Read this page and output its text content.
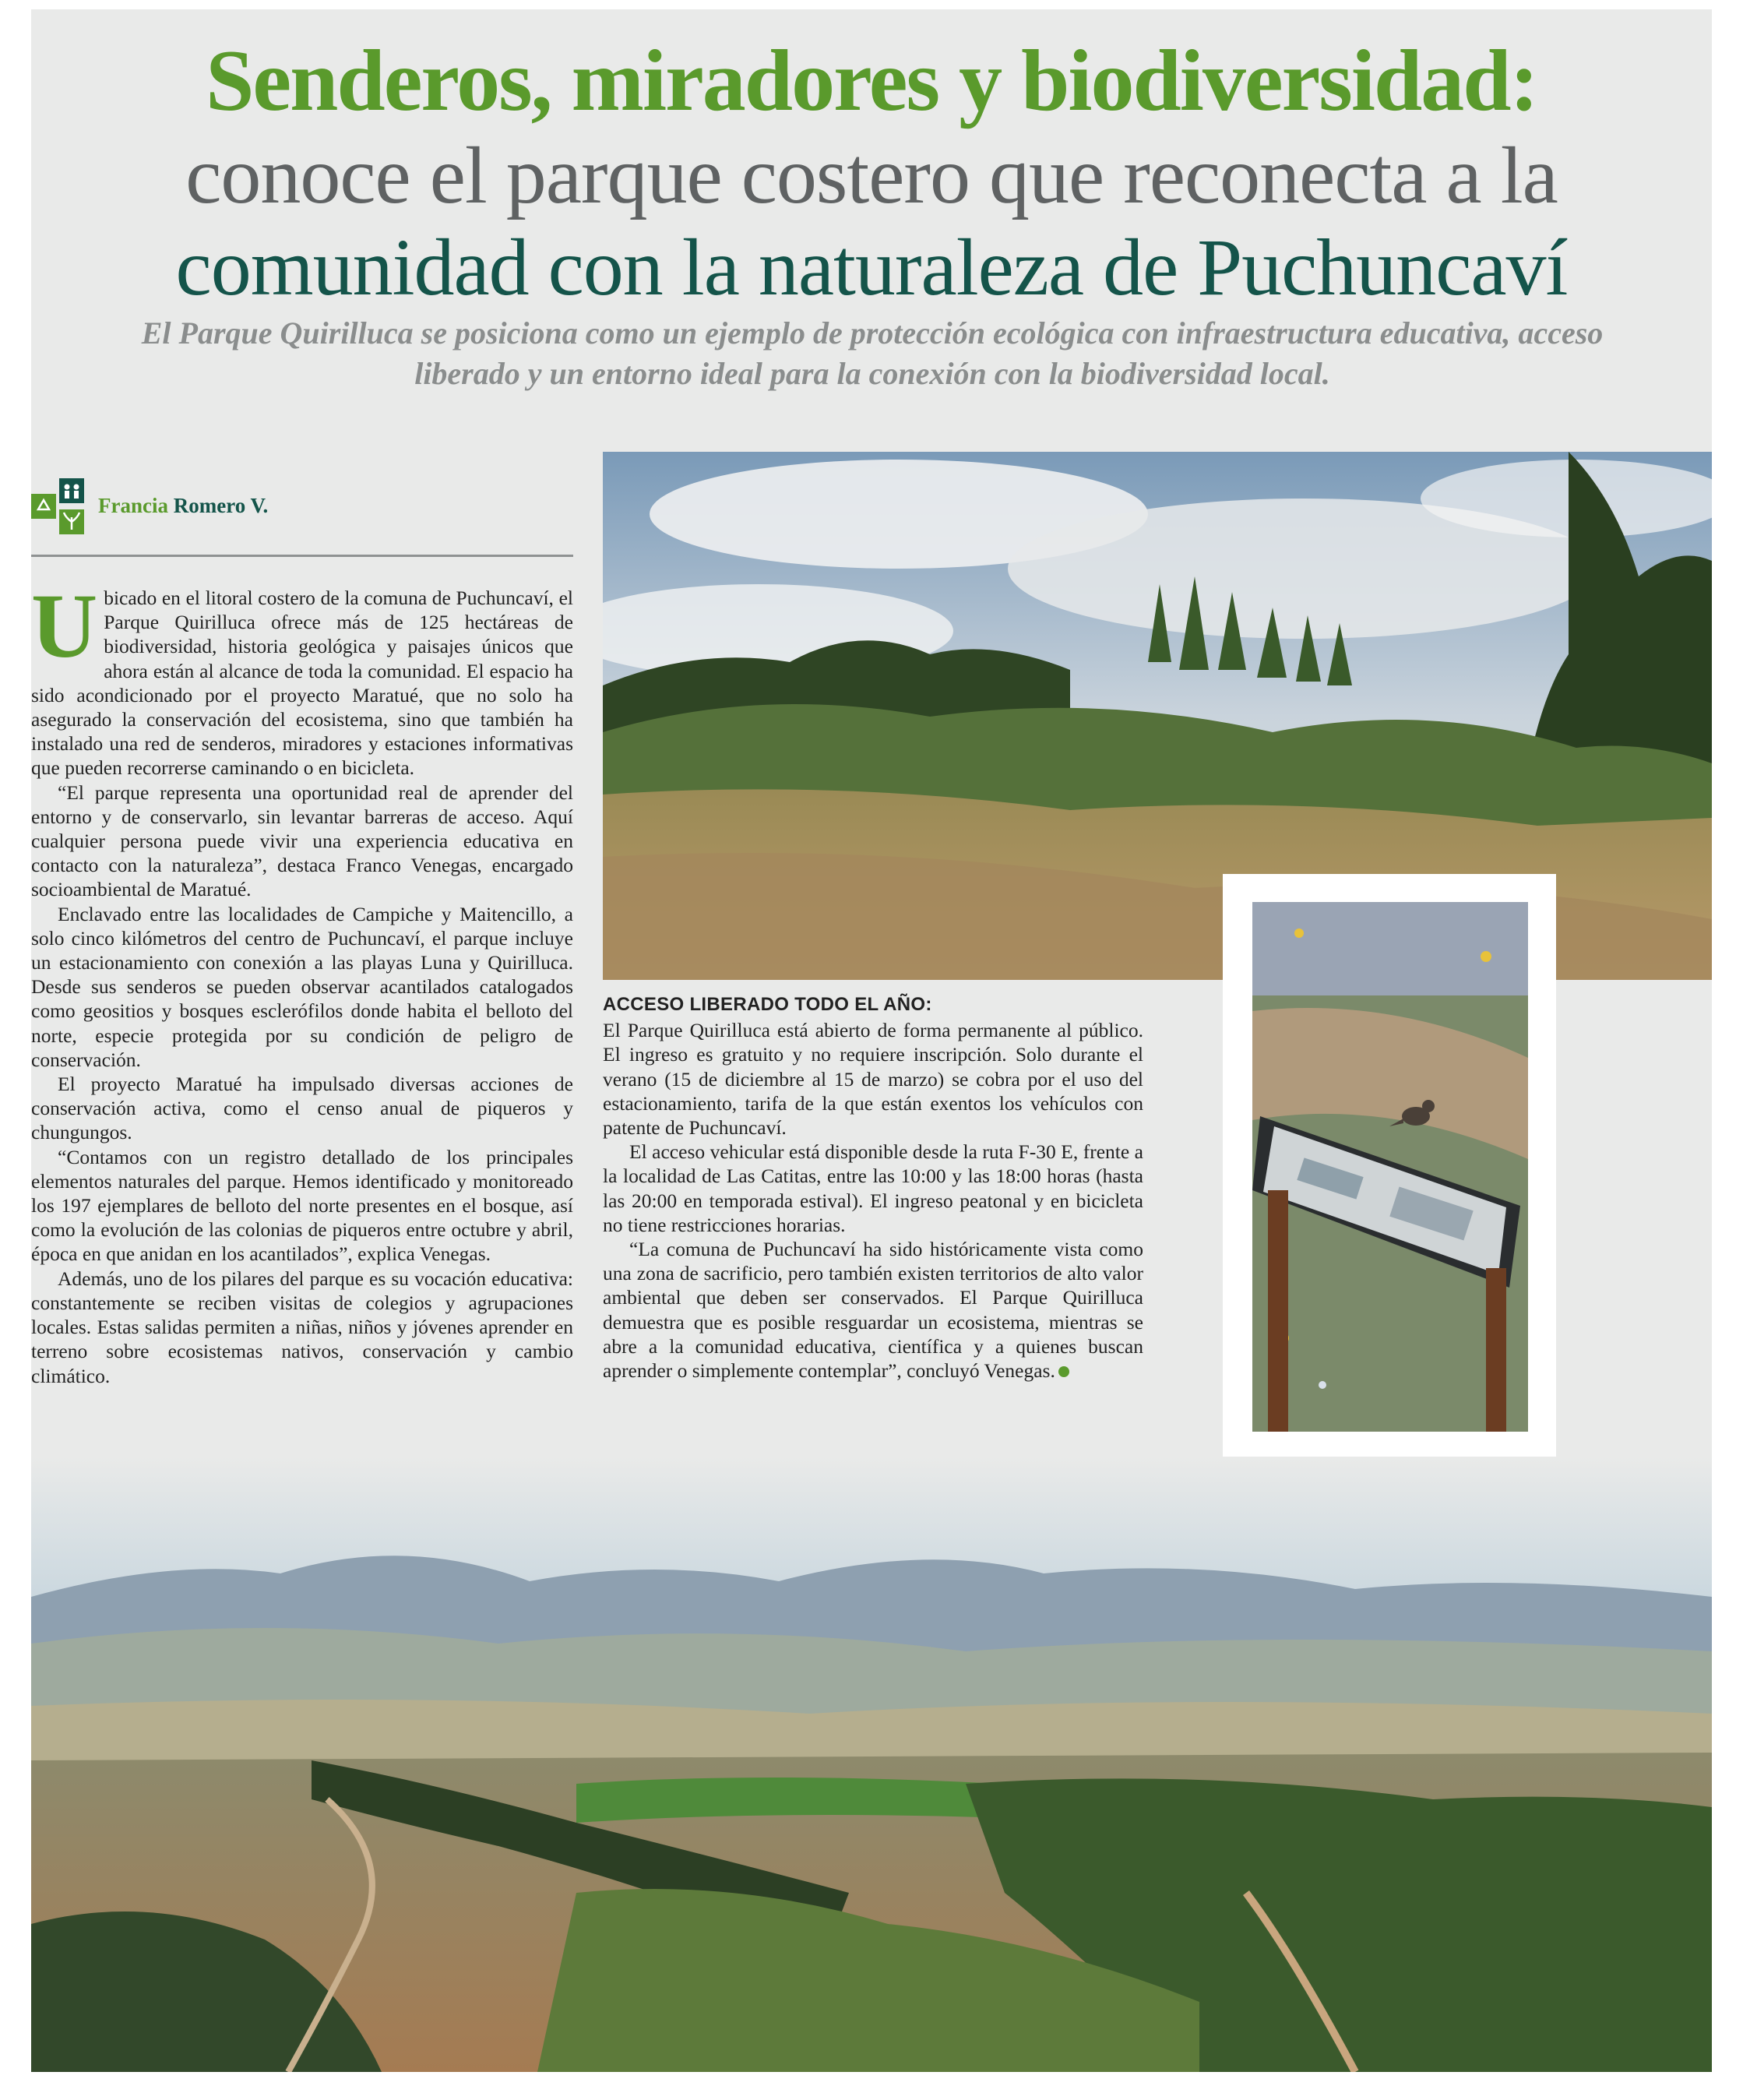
Senderos, miradores y biodiversidad:
conoce el parque costero que reconecta a la
comunidad con la naturaleza de Puchuncaví

El Parque Quirilluca se posiciona como un ejemplo de protección ecológica con infraestructura educativa, acceso liberado y un entorno ideal para la conexión con la biodiversidad local.

Francia Romero V.

Ubicado en el litoral costero de la comuna de Puchuncaví, el Parque Quirilluca ofrece más de 125 hectáreas de biodiversidad, historia geológica y paisajes únicos que ahora están al alcance de toda la comunidad. El espacio ha sido acondicionado por el proyecto Maratué, que no solo ha asegurado la conservación del ecosistema, sino que también ha instalado una red de senderos, miradores y estaciones informativas que pueden recorrerse caminando o en bicicleta.

“El parque representa una oportunidad real de aprender del entorno y de conservarlo, sin levantar barreras de acceso. Aquí cualquier persona puede vivir una experiencia educativa en contacto con la naturaleza”, destaca Franco Venegas, encargado socioambiental de Maratué.

Enclavado entre las localidades de Campiche y Maitencillo, a solo cinco kilómetros del centro de Puchuncaví, el parque incluye un estacionamiento con conexión a las playas Luna y Quirilluca. Desde sus senderos se pueden observar acantilados catalogados como geositios y bosques esclerófilos donde habita el belloto del norte, especie protegida por su condición de peligro de conservación.

El proyecto Maratué ha impulsado diversas acciones de conservación activa, como el censo anual de piqueros y chungungos.

“Contamos con un registro detallado de los principales elementos naturales del parque. Hemos identificado y monitoreado los 197 ejemplares de belloto del norte presentes en el bosque, así como la evolución de las colonias de piqueros entre octubre y abril, época en que anidan en los acantilados”, explica Venegas.

Además, uno de los pilares del parque es su vocación educativa: constantemente se reciben visitas de colegios y agrupaciones locales. Estas salidas permiten a niñas, niños y jóvenes aprender en terreno sobre ecosistemas nativos, conservación y cambio climático.

ACCESO LIBERADO TODO EL AÑO:

El Parque Quirilluca está abierto de forma permanente al público. El ingreso es gratuito y no requiere inscripción. Solo durante el verano (15 de diciembre al 15 de marzo) se cobra por el uso del estacionamiento, tarifa de la que están exentos los vehículos con patente de Puchuncaví.

El acceso vehicular está disponible desde la ruta F-30 E, frente a la localidad de Las Catitas, entre las 10:00 y las 18:00 horas (hasta las 20:00 en temporada estival). El ingreso peatonal y en bicicleta no tiene restricciones horarias.

“La comuna de Puchuncaví ha sido históricamente vista como una zona de sacrificio, pero también existen territorios de alto valor ambiental que deben ser conservados. El Parque Quirilluca demuestra que es posible resguardar un ecosistema, mientras se abre a la comunidad educativa, científica y a quienes buscan aprender o simplemente contemplar”, concluyó Venegas.
